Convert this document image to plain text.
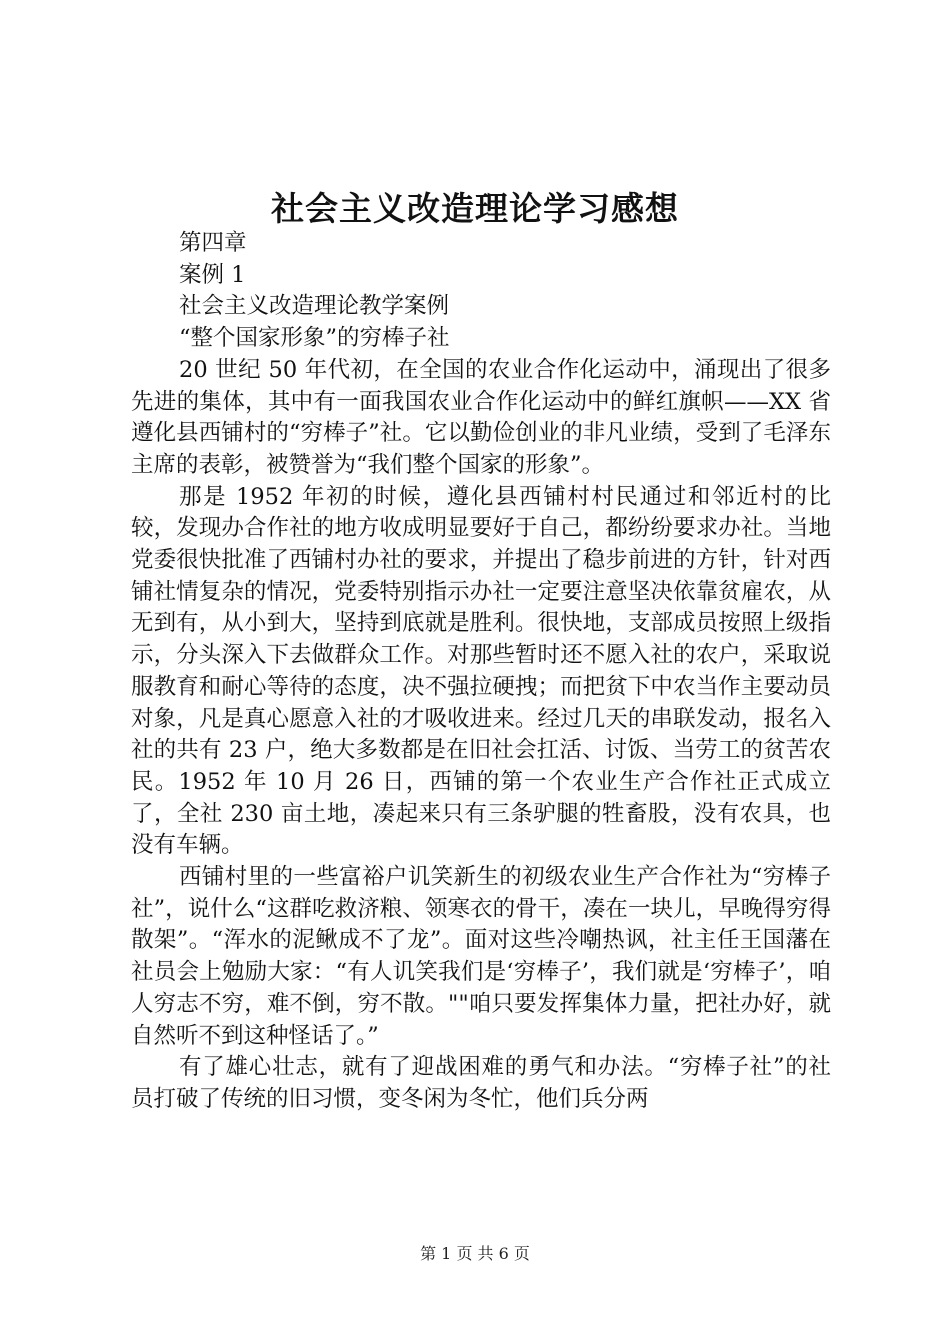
社会主义改造理论学习感想

第四章

案例 1

社会主义改造理论教学案例

“整个国家形象”的穷棒子社

20 世纪 50 年代初，在全国的农业合作化运动中，涌现出了很多先进的集体，其中有一面我国农业合作化运动中的鲜红旗帜——XX 省遵化县西铺村的“穷棒子”社。它以勤俭创业的非凡业绩，受到了毛泽东主席的表彰，被赞誉为“我们整个国家的形象”。

那是 1952 年初的时候，遵化县西铺村村民通过和邻近村的比较，发现办合作社的地方收成明显要好于自己，都纷纷要求办社。当地党委很快批准了西铺村办社的要求，并提出了稳步前进的方针，针对西铺社情复杂的情况，党委特别指示办社一定要注意坚决依靠贫雇农，从无到有，从小到大，坚持到底就是胜利。很快地，支部成员按照上级指示，分头深入下去做群众工作。对那些暂时还不愿入社的农户，采取说服教育和耐心等待的态度，决不强拉硬拽；而把贫下中农当作主要动员对象，凡是真心愿意入社的才吸收进来。经过几天的串联发动，报名入社的共有 23 户，绝大多数都是在旧社会扛活、讨饭、当劳工的贫苦农民。1952 年 10 月 26 日，西铺的第一个农业生产合作社正式成立了，全社 230 亩土地，凑起来只有三条驴腿的牲畜股，没有农具，也没有车辆。

西铺村里的一些富裕户讥笑新生的初级农业生产合作社为“穷棒子社”，说什么“这群吃救济粮、领寒衣的骨干，凑在一块儿，早晚得穷得散架”。“浑水的泥鳅成不了龙”。面对这些冷嘲热讽，社主任王国藩在社员会上勉励大家：“有人讥笑我们是‘穷棒子’，我们就是‘穷棒子’，咱人穷志不穷，难不倒，穷不散。""咱只要发挥集体力量，把社办好，就自然听不到这种怪话了。”

有了雄心壮志，就有了迎战困难的勇气和办法。“穷棒子社”的社员打破了传统的旧习惯，变冬闲为冬忙，他们兵分两

第 1 页 共 6 页
